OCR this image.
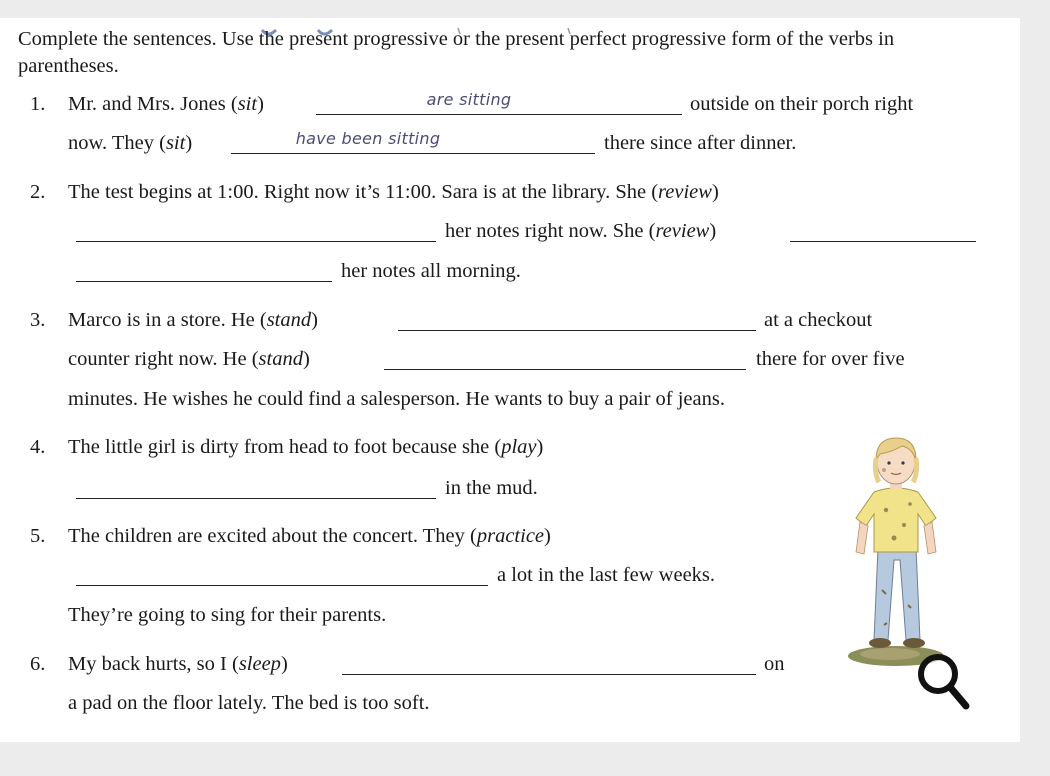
Complete the sentences. Use the present progressive or the present perfect progressive form of the verbs in parentheses.
1. Mr. and Mrs. Jones (sit)	are sitting	outside on their porch right
now. They (sit)	have been sitting	there since after dinner.
2. The test begins at 1:00. Right now it’s 11:00. Sara is at the library. She (review)
her notes right now. She (review)
her notes all morning.
3. Marco is in a store. He (stand)	at a checkout
counter right now. He (stand)	there for over five
minutes. He wishes he could find a salesperson. He wants to buy a pair of jeans.
4. The little girl is dirty from head to foot because she (play)
in the mud.
5. The children are excited about the concert. They (practice)
a lot in the last few weeks.
They’re going to sing for their parents.
6. My back hurts, so I (sleep)	on
a pad on the floor lately. The bed is too soft.
